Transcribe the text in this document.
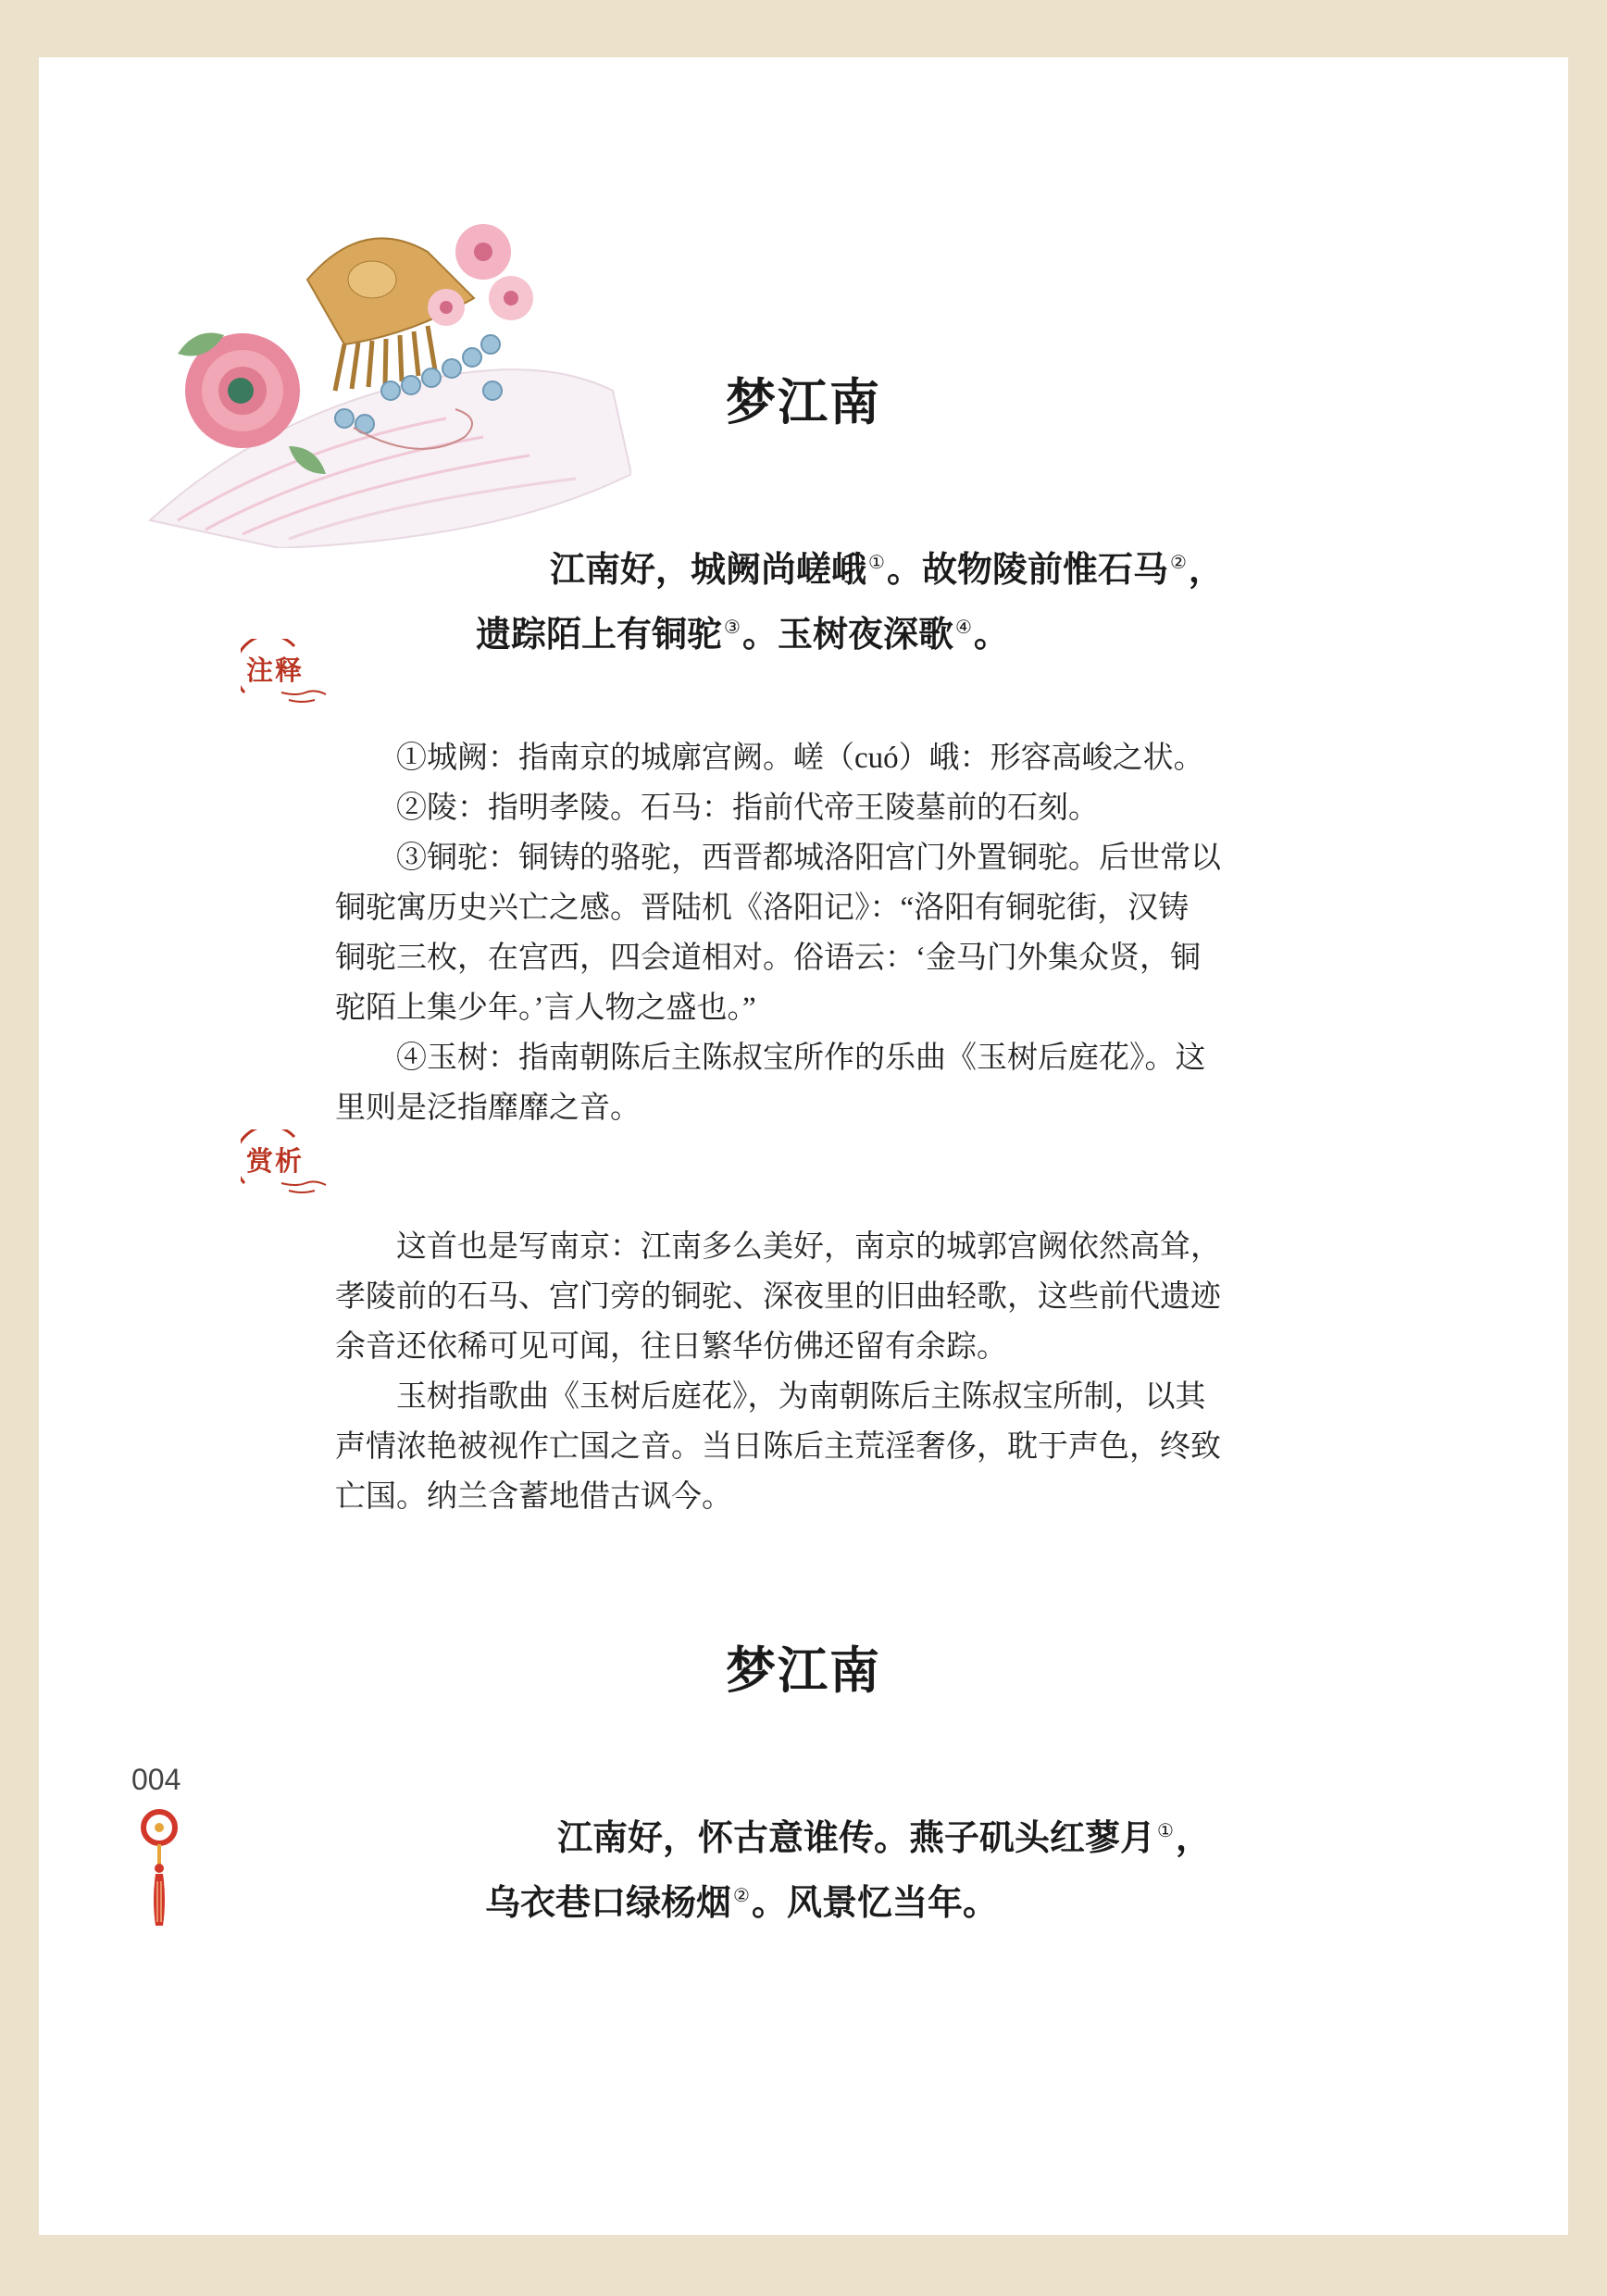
梦江南

江南好，城阙尚嵯峨 ①。故物陵前惟石马 ②，

遗踪陌上有铜驼 ③。玉树夜深歌 ④。

注释

①城阙：指南京的城廓宫阙。嵯（cuó）峨：形容高峻之状。

②陵：指明孝陵。石马：指前代帝王陵墓前的石刻。

③铜驼：铜铸的骆驼，西晋都城洛阳宫门外置铜驼。后世常以

铜驼寓历史兴亡之感。晋陆机《洛阳记》：“洛阳有铜驼街，汉铸

铜驼三枚，在宫西，四会道相对。俗语云：‘金马门外集众贤，铜

驼陌上集少年。’言人物之盛也。”

④玉树：指南朝陈后主陈叔宝所作的乐曲《玉树后庭花》。这

里则是泛指靡靡之音。

赏析

这首也是写南京：江南多么美好，南京的城郭宫阙依然高耸，

孝陵前的石马、宫门旁的铜驼、深夜里的旧曲轻歌，这些前代遗迹

余音还依稀可见可闻，往日繁华仿佛还留有余踪。

玉树指歌曲《玉树后庭花》，为南朝陈后主陈叔宝所制，以其

声情浓艳被视作亡国之音。当日陈后主荒淫奢侈，耽于声色，终致

亡国。纳兰含蓄地借古讽今。

梦江南

江南好，怀古意谁传。燕子矶头红蓼月 ①，

乌衣巷口绿杨烟 ②。风景忆当年。

004
